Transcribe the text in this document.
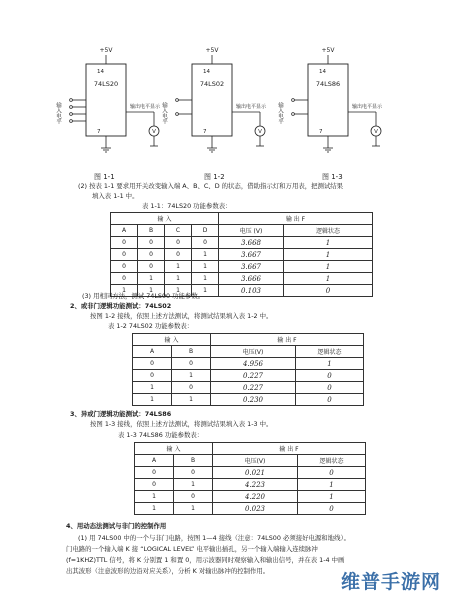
+5V
14
74LS20
输入电平
7	V
输出电平显示
+5V
14
74LS02
输入电平
7	V
输出电平显示
+5V
14
74LS86
输入电平
7	V
输出电平显示
图 1-1	图 1-2	图 1-3
(2) 按表 1-1 要求用开关改变输入端 A、B、C、D 的状态，借助指示灯和万用表，把测试结果
填入表 1-1 中。
表 1-1：74LS20 功能参数表：
输 入				输 出 F	
A	B	C	D	电压 (V)	逻辑状态
0	0	0	0	3.668	1
0	0	0	1	3.667	1
0	0	1	1	3.667	1
0	1	1	1	3.666	1
1	1	1	1	0.103	0
(3) 用相同方法，测试 74LS00 功能参数。
2、或非门逻辑功能测试：74LS02
按图 1-2 接线，依照上述方法测试，将测试结果填入表 1-2 中。
表 1-2 74LS02 功能参数表：
输 入		输 出 F	
A	B	电压(V)	逻辑状态
0	0	4.956	1
0	1	0.227	0
1	0	0.227	0
1	1	0.230	0
3、异或门逻辑功能测试：74LS86
按图 1-3 接线，依照上述方法测试，将测试结果填入表 1-3 中。
表 1-3 74LS86 功能参数表：
输 入		输 出 F	
A	B	电压(V)	逻辑状态
0	0	0.021	0
0	1	4.223	1
1	0	4.220	1
1	1	0.023	0
4、用动态法测试与非门的控制作用
(1) 用 74LS00 中的一个与非门电路，按图 1—4 接线（注意：74LS00 必须接好电源和地线）。
门电路的一个输入端 K 接 “LOGICAL LEVEL” 电平输出插孔，另一个输入端输入连续脉冲
(f=1KHZ)TTL 信号，将 K 分别置 1 和置 0，用示波器同时观察输入和输出信号，并在表 1-4 中画
出其波形（注意波形的边沿对应关系），分析 K 对输出脉冲的控制作用。	维普手游网
